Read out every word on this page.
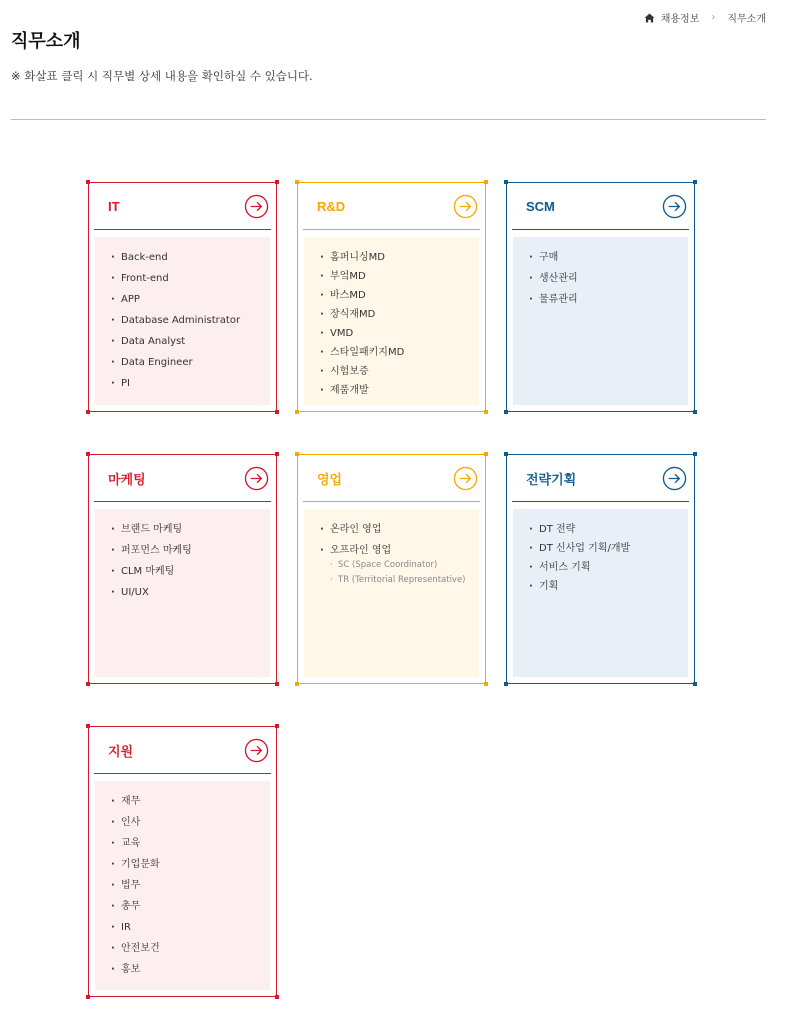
채용정보 › 직무소개
직무소개

※ 화살표 클릭 시 직무별 상세 내용을 확인하실 수 있습니다.

IT
· Back-end
· Front-end
· APP
· Database Administrator
· Data Analyst
· Data Engineer
· PI
R&D
· 홈퍼니싱MD
· 부엌MD
· 바스MD
· 장식재MD
· VMD
· 스타일패키지MD
· 시험보증
· 제품개발
SCM
· 구매
· 생산관리
· 물류관리
마케팅
· 브랜드 마케팅
· 퍼포먼스 마케팅
· CLM 마케팅
· UI/UX
영업
· 온라인 영업
· 오프라인 영업
· SC (Space Coordinator)
· TR (Territorial Representative)
전략기획
· DT 전략
· DT 신사업 기획/개발
· 서비스 기획
· 기획
지원
· 재무
· 인사
· 교육
· 기업문화
· 법무
· 총무
· IR
· 안전보건
· 홍보
